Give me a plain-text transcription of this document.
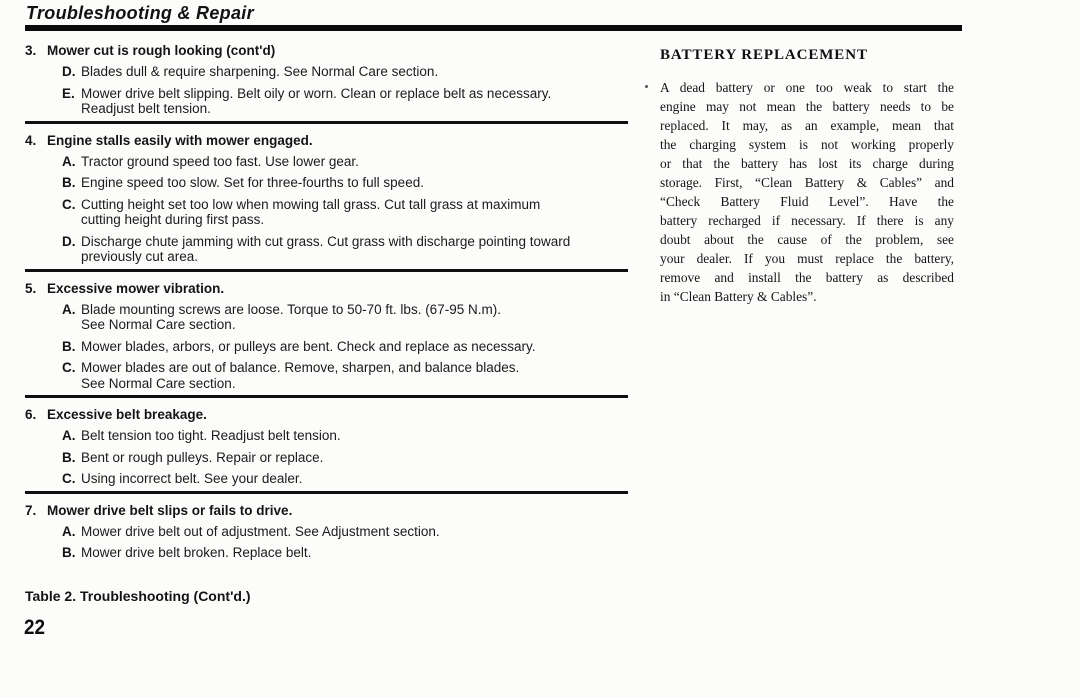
Troubleshooting & Repair
3. Mower cut is rough looking (cont'd)
D. Blades dull & require sharpening. See Normal Care section.
E. Mower drive belt slipping. Belt oily or worn. Clean or replace belt as necessary.
Readjust belt tension.
4. Engine stalls easily with mower engaged.
A. Tractor ground speed too fast. Use lower gear.
B. Engine speed too slow. Set for three-fourths to full speed.
C. Cutting height set too low when mowing tall grass. Cut tall grass at maximum
cutting height during first pass.
D. Discharge chute jamming with cut grass. Cut grass with discharge pointing toward
previously cut area.
5. Excessive mower vibration.
A. Blade mounting screws are loose. Torque to 50-70 ft. lbs. (67-95 N.m).
See Normal Care section.
B. Mower blades, arbors, or pulleys are bent. Check and replace as necessary.
C. Mower blades are out of balance. Remove, sharpen, and balance blades.
See Normal Care section.
6. Excessive belt breakage.
A. Belt tension too tight. Readjust belt tension.
B. Bent or rough pulleys. Repair or replace.
C. Using incorrect belt. See your dealer.
7. Mower drive belt slips or fails to drive.
A. Mower drive belt out of adjustment. See Adjustment section.
B. Mower drive belt broken. Replace belt.
BATTERY REPLACEMENT
A dead battery or one too weak to start the
engine may not mean the battery needs to be
replaced. It may, as an example, mean that
the charging system is not working properly
or that the battery has lost its charge during
storage. First, “Clean Battery & Cables” and
“Check Battery Fluid Level”. Have the
battery recharged if necessary. If there is any
doubt about the cause of the problem, see
your dealer. If you must replace the battery,
remove and install the battery as described
in “Clean Battery & Cables”.
Table 2. Troubleshooting (Cont'd.)
22
